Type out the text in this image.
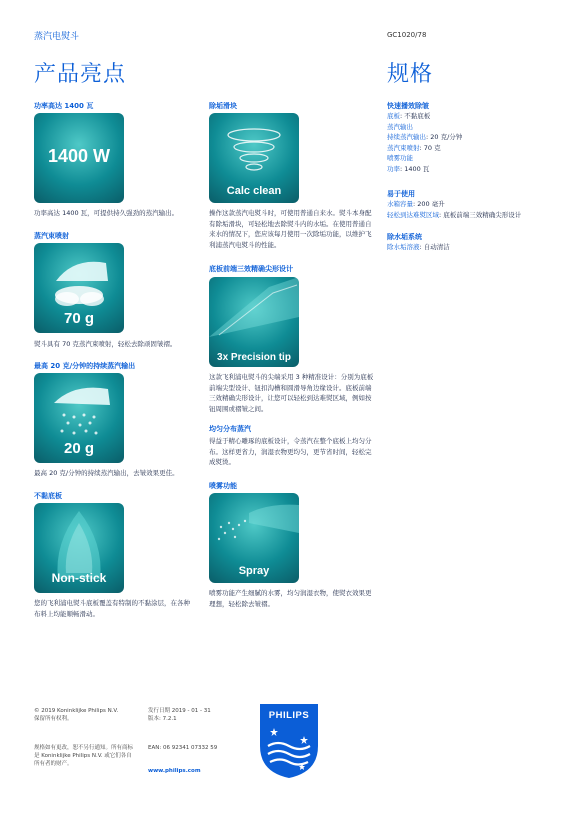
蒸汽电熨斗	GC1020/78
产品亮点	规格
功率高达 1400 瓦
1400 W
功率高达 1400 瓦，可提供持久强劲的蒸汽输出。
蒸汽束喷射
70 g
熨斗具有 70 克蒸汽束喷射，轻松去除顽固皱褶。
最高 20 克/分钟的持续蒸汽输出
20 g
最高 20 克/分钟的持续蒸汽输出，去皱效果更佳。
不黏底板
Non-stick
您的飞利浦电熨斗底板覆盖有特制的不黏涂层，在各种布料上均能顺畅滑动。
除垢滑块
Calc clean
操作这款蒸汽电熨斗时，可使用普通自来水。熨斗本身配有除垢滑块，可轻松地去除熨斗内的水垢。在使用普通自来水的情况下，您应该每月使用一次除垢功能，以维护飞利浦蒸汽电熨斗的性能。
底板前端三效精确尖形设计
3x Precision tip
这款飞利浦电熨斗的尖端采用 3 种精准设计：分别为底板前端尖型设计、钮扣沟槽和圆滑导角边缘设计。底板前端三效精确尖形设计，让您可以轻松到达难熨区域，例如按钮周围或褶皱之间。
均匀分布蒸汽
得益于精心雕琢的底板设计，令蒸汽在整个底板上均匀分布。这样更省力，润湿衣物更均匀，更节省时间，轻松完成熨烫。
喷雾功能
Spray
喷雾功能产生细腻的水雾，均匀润湿衣物，使熨衣效果更理想，轻松除去皱褶。
快速播效除皱
底板: 不黏底板
蒸汽输出
持续蒸汽输出: 20 克/分钟
蒸汽束喷射: 70 克
喷雾功能
功率: 1400 瓦
易于使用
水箱容量: 200 毫升
轻松到达难熨区域: 底板前端三效精确尖形设计
除水垢系统
除水垢溶液: 自动清洁
© 2019 Koninklijke Philips N.V.
保留所有权利。
规格如有更改，恕不另行通知。所有商标是 Koninklijke Philips N.V. 或它们各自所有者的财产。
发行日期 2019 - 01 - 31
版本: 7.2.1
EAN: 06 92341 07332 59
www.philips.com
PHILIPS
